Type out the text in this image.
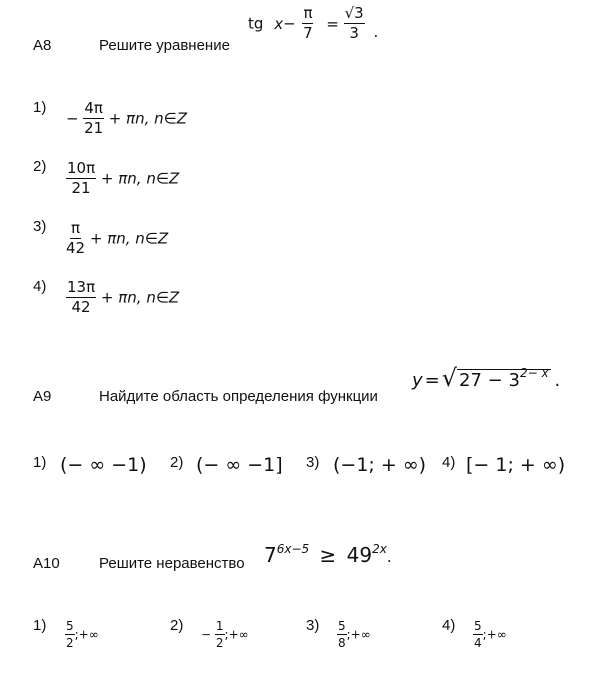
А8	Решите уравнение
tg $x- \frac{\pi}{7} = \frac{√3}{3}$ .
1)
− $\frac{4\pi}{21} + \pi n$, n∈Z
$2) \frac{10\pi}{21} + \pi n$, n∈Z
$3) \frac{\pi}{42} + \pi n$, n∈Z
$4) \frac{13\pi}{42} + \pi n$, n∈Z
А9	Найдите область определения функции
y = √ $27 - 3^{2- x}$ .
1) (− ∞ −1) 2) (− ∞ −1] 3) (−1; + ∞) 4) [− 1; + ∞)
А10	Решите неравенство $7^{6x-5} \ge 49^{2x}$.
$1) \frac{5}{2}$ ;+∞
2)
− $\frac{1}{2}$ ;+∞
$3) \frac{5}{8}$ ;+∞
$4) \frac{5}{4}$ ;+∞
